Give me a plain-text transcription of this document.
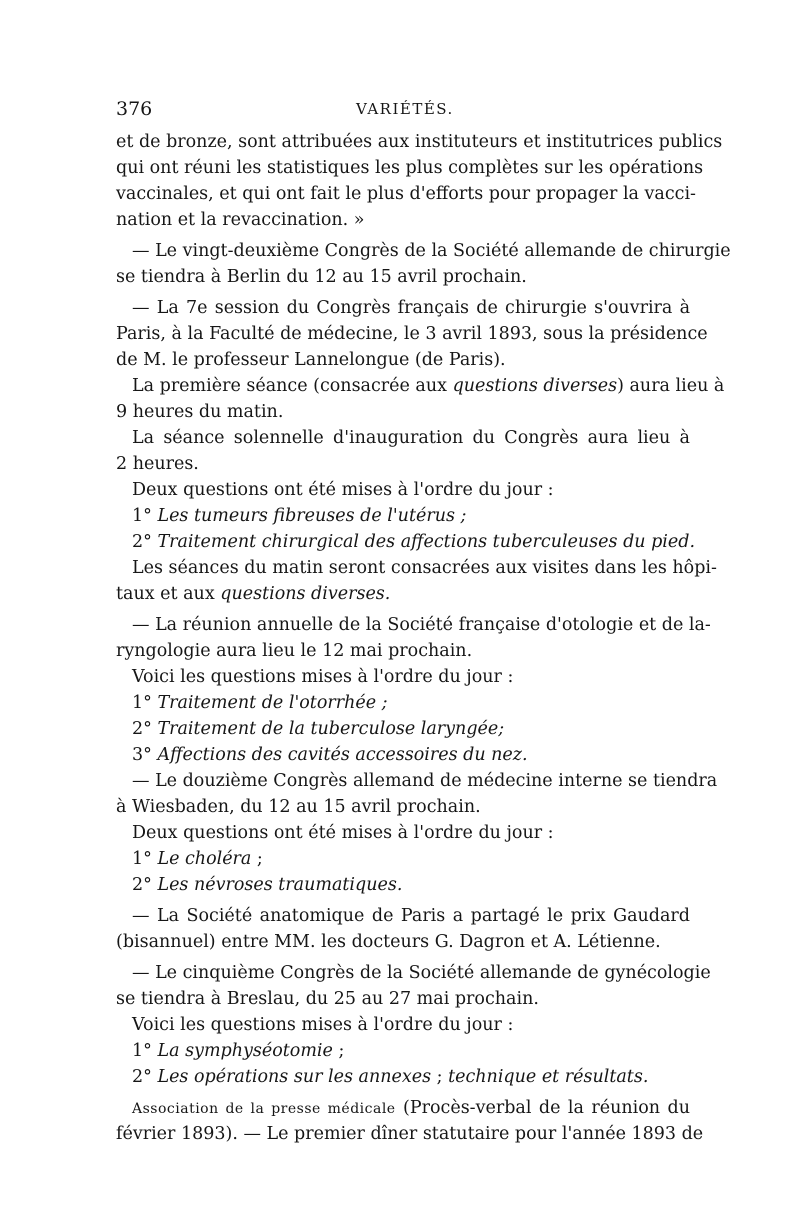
376	VARIÉTÉS.
et de bronze, sont attribuées aux instituteurs et institutrices publics
qui ont réuni les statistiques les plus complètes sur les opérations
vaccinales, et qui ont fait le plus d'efforts pour propager la vacci-
nation et la revaccination. »
— Le vingt-deuxième Congrès de la Société allemande de chirurgie
se tiendra à Berlin du 12 au 15 avril prochain.
— La 7e session du Congrès français de chirurgie s'ouvrira à
Paris, à la Faculté de médecine, le 3 avril 1893, sous la présidence
de M. le professeur Lannelongue (de Paris).
La première séance (consacrée aux questions diverses) aura lieu à
9 heures du matin.
La séance solennelle d'inauguration du Congrès aura lieu à
2 heures.
Deux questions ont été mises à l'ordre du jour :
1° Les tumeurs fibreuses de l'utérus ;
2° Traitement chirurgical des affections tuberculeuses du pied.
Les séances du matin seront consacrées aux visites dans les hôpi-
taux et aux questions diverses.
— La réunion annuelle de la Société française d'otologie et de la-
ryngologie aura lieu le 12 mai prochain.
Voici les questions mises à l'ordre du jour :
1° Traitement de l'otorrhée ;
2° Traitement de la tuberculose laryngée;
3° Affections des cavités accessoires du nez.
— Le douzième Congrès allemand de médecine interne se tiendra
à Wiesbaden, du 12 au 15 avril prochain.
Deux questions ont été mises à l'ordre du jour :
1° Le choléra ;
2° Les névroses traumatiques.
— La Société anatomique de Paris a partagé le prix Gaudard
(bisannuel) entre MM. les docteurs G. Dagron et A. Létienne.
— Le cinquième Congrès de la Société allemande de gynécologie
se tiendra à Breslau, du 25 au 27 mai prochain.
Voici les questions mises à l'ordre du jour :
1° La symphyséotomie ;
2° Les opérations sur les annexes ; technique et résultats.
Association de la presse médicale (Procès-verbal de la réunion du
février 1893). — Le premier dîner statutaire pour l'année 1893 de
